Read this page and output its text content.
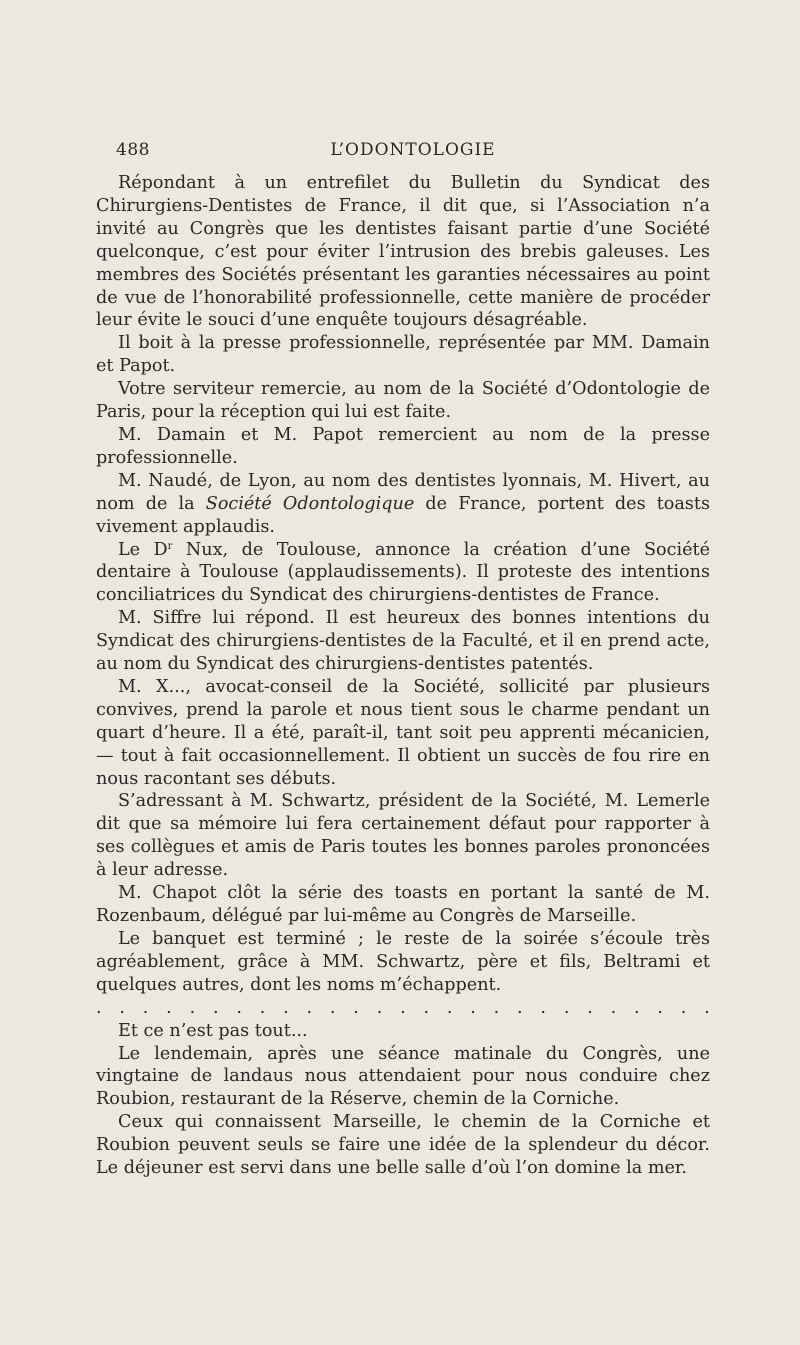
488	L’ODONTOLOGIE

Répondant à un entrefilet du Bulletin du Syndicat des Chirurgiens-Dentistes de France, il dit que, si l’Association n’a invité au Congrès que les dentistes faisant partie d’une Société quelconque, c’est pour éviter l’intrusion des brebis galeuses. Les membres des Sociétés présentant les garanties nécessaires au point de vue de l’honorabilité professionnelle, cette manière de procéder leur évite le souci d’une enquête toujours désagréable.

Il boit à la presse professionnelle, représentée par MM. Damain et Papot.

Votre serviteur remercie, au nom de la Société d’Odontologie de Paris, pour la réception qui lui est faite.

M. Damain et M. Papot remercient au nom de la presse professionnelle.

M. Naudé, de Lyon, au nom des dentistes lyonnais, M. Hivert, au nom de la Société Odontologique de France, portent des toasts vivement applaudis.

Le $D^r$ Nux, de Toulouse, annonce la création d’une Société dentaire à Toulouse (applaudissements). Il proteste des intentions conciliatrices du Syndicat des chirurgiens-dentistes de France.

M. Siffre lui répond. Il est heureux des bonnes intentions du Syndicat des chirurgiens-dentistes de la Faculté, et il en prend acte, au nom du Syndicat des chirurgiens-dentistes patentés.

M. X..., avocat-conseil de la Société, sollicité par plusieurs convives, prend la parole et nous tient sous le charme pendant un quart d’heure. Il a été, paraît-il, tant soit peu apprenti mécanicien, — tout à fait occasionnellement. Il obtient un succès de fou rire en nous racontant ses débuts.

S’adressant à M. Schwartz, président de la Société, M. Lemerle dit que sa mémoire lui fera certainement défaut pour rapporter à ses collègues et amis de Paris toutes les bonnes paroles prononcées à leur adresse.

M. Chapot clôt la série des toasts en portant la santé de M. Rozenbaum, délégué par lui-même au Congrès de Marseille.

Le banquet est terminé ; le reste de la soirée s’écoule très agréablement, grâce à MM. Schwartz, père et fils, Beltrami et quelques autres, dont les noms m’échappent.

. . . . . . . . . . . . . . . . . . . . . . . . . . .

Et ce n’est pas tout...

Le lendemain, après une séance matinale du Congrès, une vingtaine de landaus nous attendaient pour nous conduire chez Roubion, restaurant de la Réserve, chemin de la Corniche.

Ceux qui connaissent Marseille, le chemin de la Corniche et Roubion peuvent seuls se faire une idée de la splendeur du décor. Le déjeuner est servi dans une belle salle d’où l’on domine la mer.
